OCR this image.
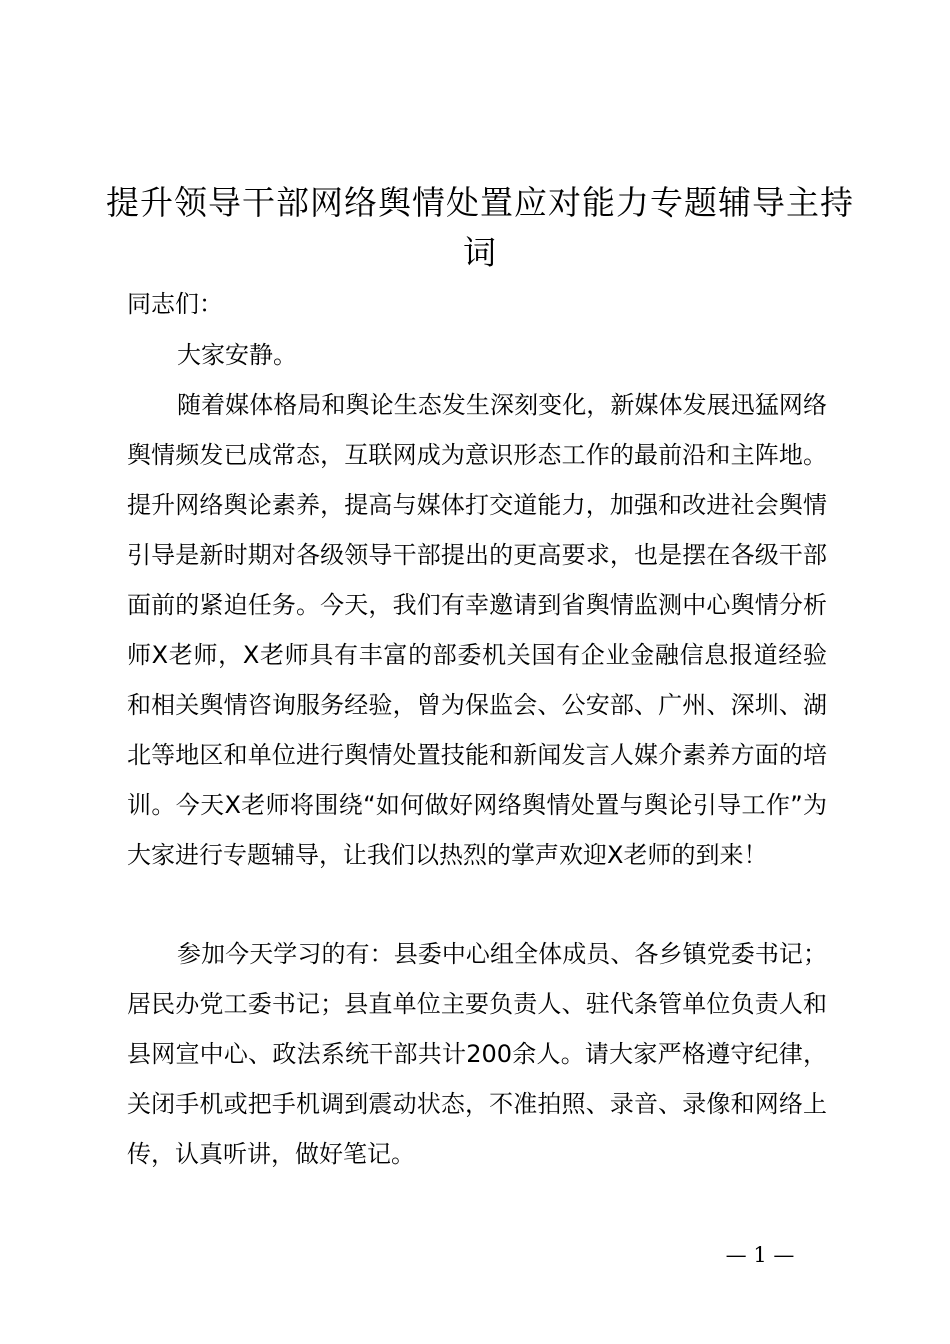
提升领导干部网络舆情处置应对能力专题辅导主持词

同志们：

大家安静。

随着媒体格局和舆论生态发生深刻变化，新媒体发展迅猛网络舆情频发已成常态，互联网成为意识形态工作的最前沿和主阵地。提升网络舆论素养，提高与媒体打交道能力，加强和改进社会舆情引导是新时期对各级领导干部提出的更高要求，也是摆在各级干部面前的紧迫任务。今天，我们有幸邀请到省舆情监测中心舆情分析师X老师，X老师具有丰富的部委机关国有企业金融信息报道经验和相关舆情咨询服务经验，曾为保监会、公安部、广州、深圳、湖北等地区和单位进行舆情处置技能和新闻发言人媒介素养方面的培训。今天X老师将围绕“如何做好网络舆情处置与舆论引导工作”为大家进行专题辅导，让我们以热烈的掌声欢迎X老师的到来！

参加今天学习的有：县委中心组全体成员、各乡镇党委书记；居民办党工委书记；县直单位主要负责人、驻代条管单位负责人和县网宣中心、政法系统干部共计200余人。请大家严格遵守纪律，关闭手机或把手机调到震动状态，不准拍照、录音、录像和网络上传，认真听讲，做好笔记。

— 1 —
